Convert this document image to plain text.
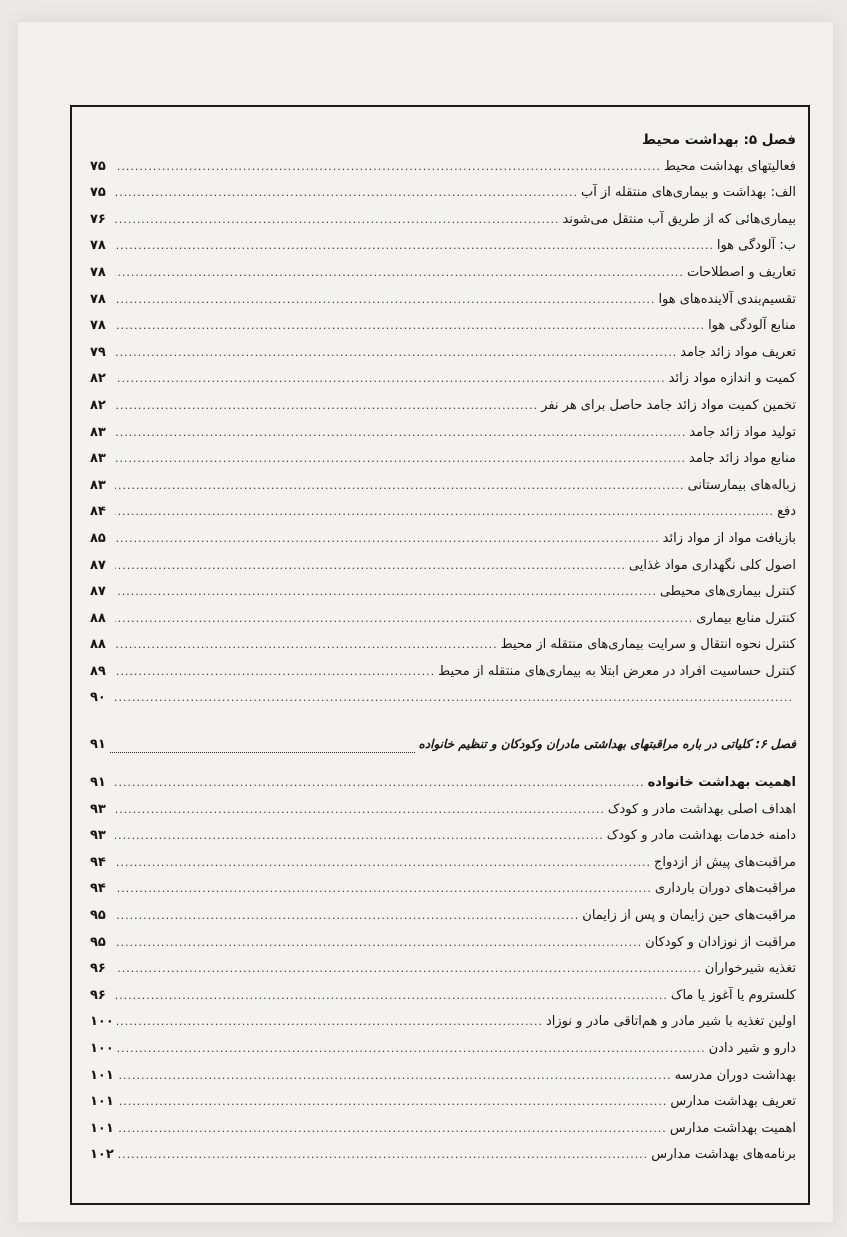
فصل ۵: بهداشت محیط
فعالیتهای بهداشت محیط
.....
۷۵
الف: بهداشت و بیماری‌های منتقله از آب
.....
۷۵
بیماری‌هائی که از طریق آب منتقل می‌شوند
.....
۷۶
ب: آلودگی هوا
.....
۷۸
تعاریف و اصطلاحات
.....
۷۸
تقسیم‌بندی آلاینده‌های هوا
.....
۷۸
منابع آلودگی هوا
.....
۷۸
تعریف مواد زائد جامد
.....
۷۹
کمیت و اندازه مواد زائد
.....
۸۲
تخمین کمیت مواد زائد جامد حاصل برای هر نفر
.....
۸۲
تولید مواد زائد جامد
.....
۸۳
منابع مواد زائد جامد
.....
۸۳
زباله‌های بیمارستانی
.....
۸۳
دفع
.....
۸۴
بازیافت مواد از مواد زائد
.....
۸۵
اصول کلی نگهداری مواد غذایی
.....
۸۷
کنترل بیماری‌های محیطی
.....
۸۷
کنترل منابع بیماری
.....
۸۸
کنترل نحوه انتقال و سرایت بیماری‌های منتقله از محیط
.....
۸۸
کنترل حساسیت افراد در معرض ابتلا به بیماری‌های منتقله از محیط
.....
۸۹
.....
۹۰
فصل ۶: کلیاتی در باره مراقبتهای بهداشتی مادران وکودکان و تنظیم خانواده
۹۱
اهمیت بهداشت خانواده
.....
۹۱
اهداف اصلی بهداشت مادر و کودک
.....
۹۳
دامنه خدمات بهداشت مادر و کودک
.....
۹۳
مراقبت‌های پیش از ازدواج
.....
۹۴
مراقبت‌های دوران بارداری
.....
۹۴
مراقبت‌های حین زایمان و پس از زایمان
.....
۹۵
مراقبت از نوزادان و کودکان
.....
۹۵
تغذیه شیرخواران
.....
۹۶
کلستروم یا آغوز یا ماک
.....
۹۶
اولین تغذیه با شیر مادر و هم‌اتاقی مادر و نوزاد
.....
۱۰۰
دارو و شیر دادن
.....
۱۰۰
بهداشت دوران مدرسه
.....
۱۰۱
تعریف بهداشت مدارس
.....
۱۰۱
اهمیت بهداشت مدارس
.....
۱۰۱
برنامه‌های بهداشت مدارس
.....
۱۰۲
